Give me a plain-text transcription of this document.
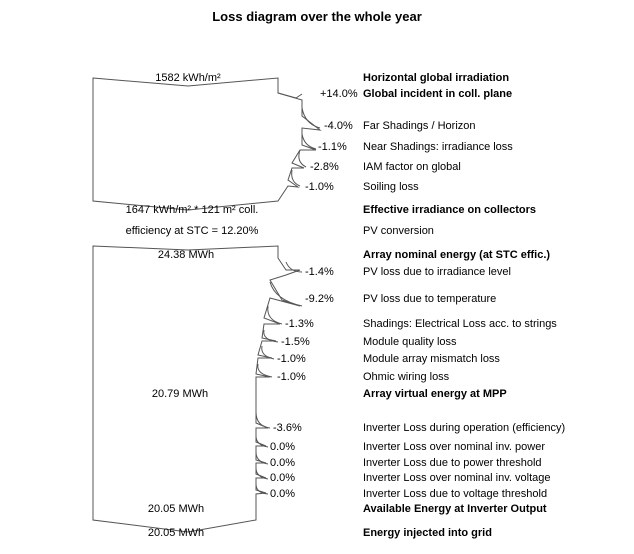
Loss diagram over the whole year
1582 kWh/m²	Horizontal global irradiation
+14.0% Global incident in coll. plane
-4.0% Far Shadings / Horizon
-1.1% Near Shadings: irradiance loss
-2.8% IAM factor on global
-1.0%	Soiling loss
1647 kWh/m² * 121 m² coll.	Effective irradiance on collectors
efficiency at STC = 12.20%	PV conversion
24.38 MWh	Array nominal energy (at STC effic.)
-1.4%	PV loss due to irradiance level
-9.2%	PV loss due to temperature
-1.3%	Shadings: Electrical Loss acc. to strings
-1.5%	Module quality loss
-1.0%	Module array mismatch loss
-1.0%	Ohmic wiring loss
20.79 MWh	Array virtual energy at MPP
-3.6%	Inverter Loss during operation (efficiency)
0.0%	Inverter Loss over nominal inv. power
0.0%	Inverter Loss due to power threshold
0.0%	Inverter Loss over nominal inv. voltage
0.0%	Inverter Loss due to voltage threshold
20.05 MWh	Available Energy at Inverter Output
20.05 MWh	Energy injected into grid
